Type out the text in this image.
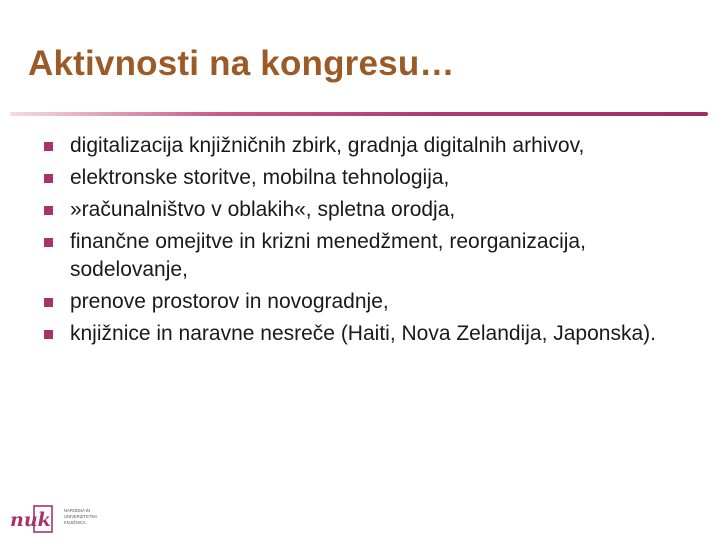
Aktivnosti na kongresu…
digitalizacija knjižničnih zbirk, gradnja digitalnih arhivov,
elektronske storitve, mobilna tehnologija,
»računalništvo v oblakih«, spletna orodja,
finančne omejitve in krizni menedžment, reorganizacija, sodelovanje,
prenove prostorov in novogradnje,
knjižnice in naravne nesreče (Haiti, Nova Zelandija, Japonska).
nuk	NARODNA IN
UNIVERZITETNA
KNJIŽNICA
